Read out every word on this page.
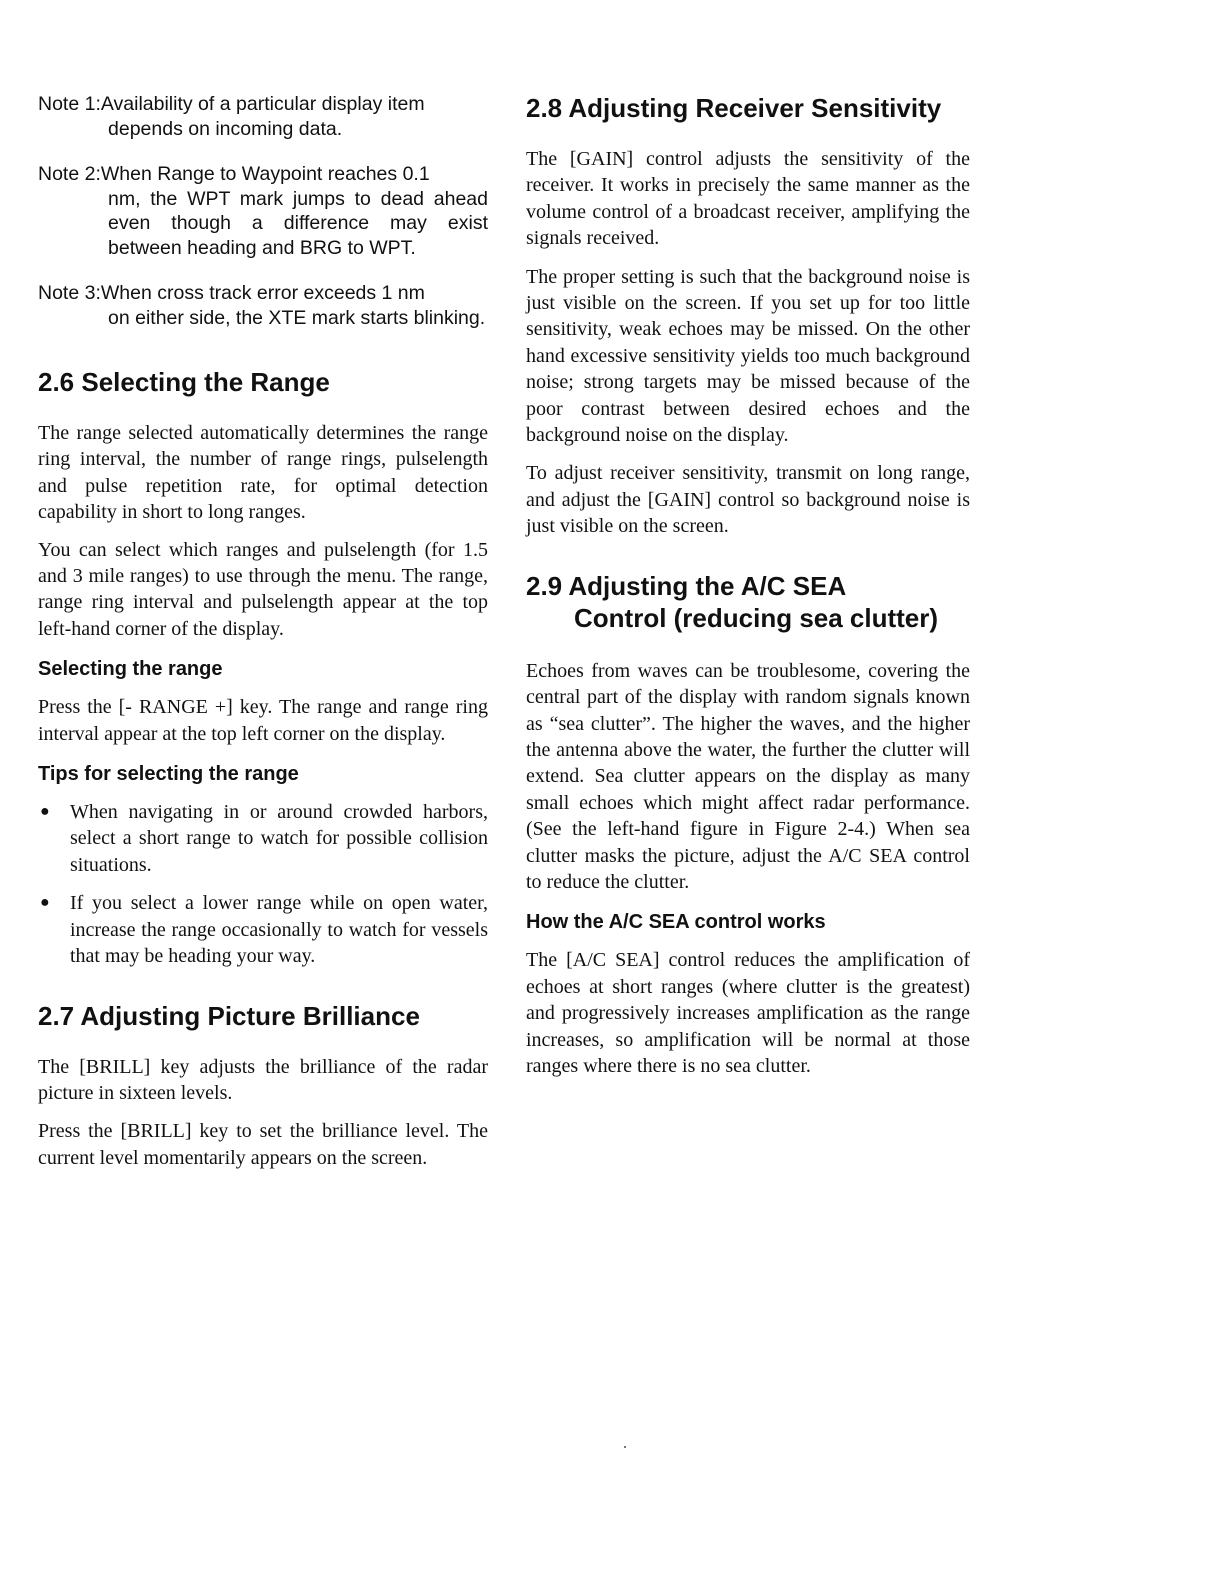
Note 1:Availability of a particular display item
depends on incoming data.
Note 2:When Range to Waypoint reaches 0.1
nm, the WPT mark jumps to dead ahead even though a difference may exist between heading and BRG to WPT.
Note 3:When cross track error exceeds 1 nm
on either side, the XTE mark starts blinking.
2.6 Selecting the Range

The range selected automatically determines the range ring interval, the number of range rings, pulselength and pulse repetition rate, for optimal detection capability in short to long ranges.

You can select which ranges and pulselength (for 1.5 and 3 mile ranges) to use through the menu. The range, range ring interval and pulselength appear at the top left-hand corner of the display.

Selecting the range

Press the [- RANGE +] key. The range and range ring interval appear at the top left corner on the display.

Tips for selecting the range
●	When navigating in or around crowded harbors, select a short range to watch for possible collision situations.

●	If you select a lower range while on open water, increase the range occasionally to watch for vessels that may be heading your way.

2.7 Adjusting Picture Brilliance

The [BRILL] key adjusts the brilliance of the radar picture in sixteen levels.

Press the [BRILL] key to set the brilliance level. The current level momentarily appears on the screen.

2.8 Adjusting Receiver Sensitivity

The [GAIN] control adjusts the sensitivity of the receiver. It works in precisely the same manner as the volume control of a broadcast receiver, amplifying the signals received.

The proper setting is such that the background noise is just visible on the screen. If you set up for too little sensitivity, weak echoes may be missed. On the other hand excessive sensitivity yields too much background noise; strong targets may be missed because of the poor contrast between desired echoes and the background noise on the display.

To adjust receiver sensitivity, transmit on long range, and adjust the [GAIN] control so background noise is just visible on the screen.

2.9 Adjusting the A/C SEA
Control (reducing sea clutter)

Echoes from waves can be troublesome, covering the central part of the display with random signals known as “sea clutter”. The higher the waves, and the higher the antenna above the water, the further the clutter will extend. Sea clutter appears on the display as many small echoes which might affect radar performance. (See the left-hand figure in Figure 2-4.) When sea clutter masks the picture, adjust the A/C SEA control to reduce the clutter.

How the A/C SEA control works

The [A/C SEA] control reduces the amplification of echoes at short ranges (where clutter is the greatest) and progressively increases amplification as the range increases, so amplification will be normal at those ranges where there is no sea clutter.
